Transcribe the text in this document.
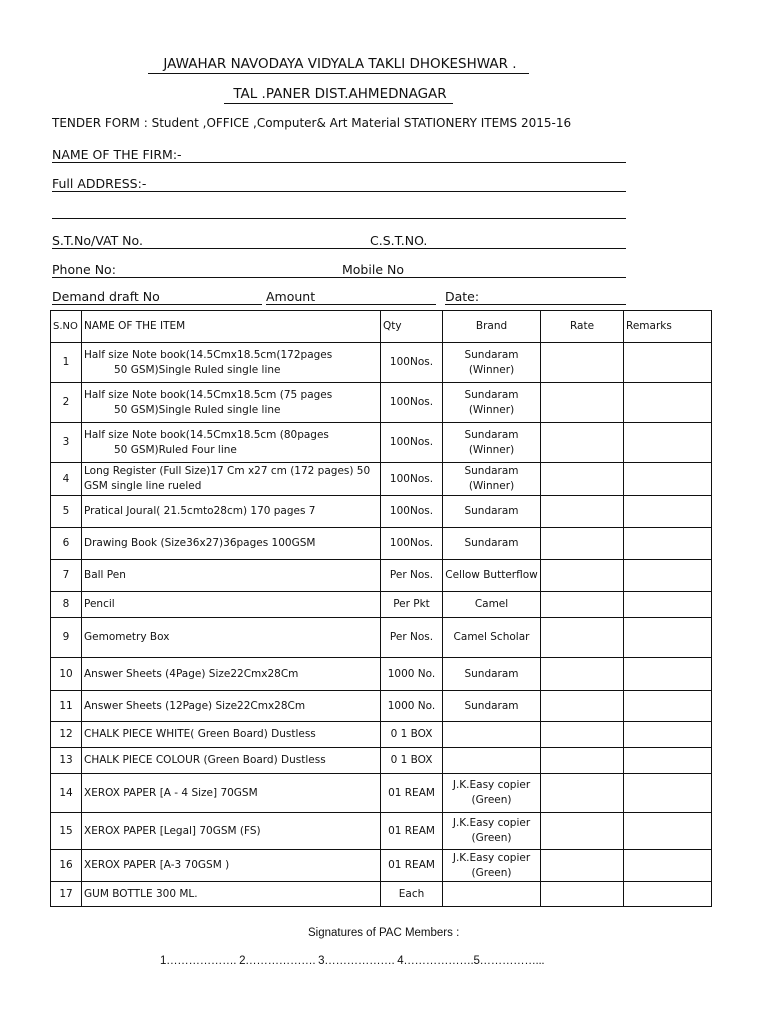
JAWAHAR NAVODAYA VIDYALA TAKLI DHOKESHWAR .
TAL .PANER DIST.AHMEDNAGAR
TENDER FORM : Student ,OFFICE ,Computer& Art Material STATIONERY ITEMS 2015-16
NAME OF THE FIRM:-
Full ADDRESS:-
S.T.No/VAT No.	C.S.T.NO.
Phone No:	Mobile No
Demand draft No	Amount	Date:
S.NO	NAME OF THE ITEM	Qty	Brand	Rate	Remarks
1	Half size Note book(14.5Cmx18.5cm(172pages
50 GSM)Single Ruled single line	100Nos.	Sundaram
(Winner)		
2	Half size Note book(14.5Cmx18.5cm (75 pages
50 GSM)Single Ruled single line	100Nos.	Sundaram
(Winner)		
3	Half size Note book(14.5Cmx18.5cm (80pages
50 GSM)Ruled Four line	100Nos.	Sundaram
(Winner)		
4	Long Register (Full Size)17 Cm x27 cm (172 pages) 50
GSM single line rueled	100Nos.	Sundaram
(Winner)		
5	Pratical Joural( 21.5cmto28cm) 170 pages 7	100Nos.	Sundaram		
6	Drawing Book (Size36x27)36pages 100GSM	100Nos.	Sundaram		
7	Ball Pen	Per Nos.	Cellow Butterflow		
8	Pencil	Per Pkt	Camel		
9	Gemometry Box	Per Nos.	Camel Scholar		
10	Answer Sheets (4Page) Size22Cmx28Cm	1000 No.	Sundaram		
11	Answer Sheets (12Page) Size22Cmx28Cm	1000 No.	Sundaram		
12	CHALK PIECE WHITE( Green Board) Dustless	0 1 BOX			
13	CHALK PIECE COLOUR (Green Board) Dustless	0 1 BOX			
14	XEROX PAPER [A - 4 Size] 70GSM	01 REAM	J.K.Easy copier
(Green)		
15	XEROX PAPER [Legal] 70GSM (FS)	01 REAM	J.K.Easy copier
(Green)		
16	XEROX PAPER [A-3 70GSM )	01 REAM	J.K.Easy copier
(Green)		
17	GUM BOTTLE 300 ML.	Each			
Signatures of PAC Members :
1………………. 2………………. 3………………. 4……………….5……………...
